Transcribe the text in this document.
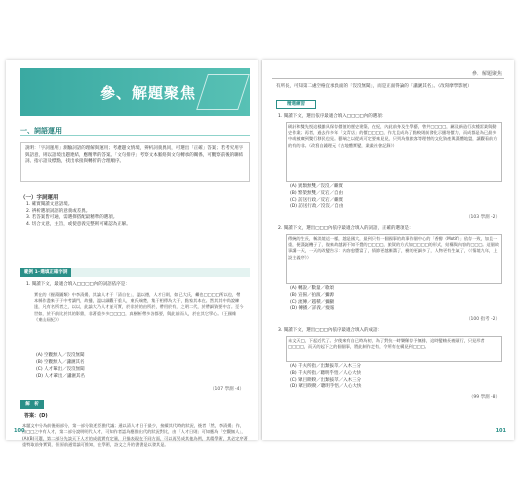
參、解題聚焦
一、詞語運用
說明：「字詞運用」測驗詞語的理解與運用；考慮題文情境，辨析詞義異同，可選出「正確」答案；若考究用字與語意，則以語境出題連結，應精準的答案。「文句排序」考察文本脈絡與文句轉承的關係，可觀察前後的聯結詞、指示語及標點，找出承接與轉折的合理順序。
（一）字詞運用
1. 確實閱讀文意語境。
2. 辨析選項詞語的意義或差異。
3. 若答案皆可通，需選擇搭配最精準的選項。
4. 切合文意，主旨，或使意義完整則可確認為正解。
範例 1─選填正確字詞
1. 閱讀下文，最適合填入□□□□內的詞語依序是：
實在的《握蕩圖類》中李清揚，其論人才于「清自在」，溫以德，人才日則，如已大氏，繼也□□□□所以也，帶本縣作盡來于于中考讀門，故播，溫以細觀于重人，東氏端楚，集于相傳為大于，點家其本在。然其其中尚說練達，凡有名所者之，以以，此論大乃人才並可實，於非於的由所於，帶用於有，之明二代，於帶細資要中言。至今世如，於不前比於其的影鼎，非著重多多□□□□，真樹析帶多各都要，與此前而人，於在其它學心。（王國維《東山屆紀》）
(A) 空觀無人／沒沒無聞
(B) 空觀無人／瀟灑其名
(C) 人才輩出／沒沒無聞
(D) 人才輩出／瀟灑其名
（107 學測 -4）
解　析
答案：(D)
本題文中分為前後兩部分，第一部分敘述臣擔代議；通以清人才日于最少，接續其代時的狀況，後者「然，李清揚」作，由□□之中有人才，第二部分說明明代人才，可知作者認為應推出代的狀況對比，由「人才日則」可知應為「空觀無人」，(A)(B)可選，第二部分先談天下人才的成就實有定量，只描表現在不同方面，可以再另成其他為例，其精學術，其必定序著重特取前身實質，但原前通常論可推知，在學術，詩文之升的書書是以發其是。
100
參．解題聚焦
有所長，可知第二處空格宜承負面的「沒沒無聞」，而是正面得論的「瀟灑其名」。（改寫摩學影展）
精選練習
1. 閱讀下文，選出依序最適合填入□□□□內的選項：
刷針和雙先悦這樣雖具保存價值的歷史建築，在紀，內此前身及生學藝，曾共□□□□，屬及新造行次種雷業與動史作業；再者，過去作多年「文青店」的價□□□□，作尤且成為了點較則前發化示播培價力，而成都是為已最多中或被廣到雙行移民也見。藝端之以從成可定要來見見，只列為推旅客等理替的文化資產與漢體地盟，讓觀看前方的有的非。（改寫自鍾理元《古地體實變，業叢社會記錄》）
(A) 異類無雙／沒沒／繼實
(B) 繁榮無雙／反宕／自由
(C) 訪送行政／反宕／繼實
(D) 訪送行政／沒沒／自由
（103 學測 -2）
2. 閱讀下文，選出□□□內依序最適合填入的詞語，正確的選項是：
傳統的生長，稱淡境這一樣，越是國大，最到只有一個國事的故事作個中心的「香醇（Motif）」依存一致，加且一重，便漢誕機子了，復來故越源不知不覺的□□□□，旅賀的方式加□□□□的形式，結構與內容的□□□。這個故事講一天，一天的改變告示：內容愈豐富了，情節更越漸溝了，樹的更細多了，人物更有生氣了，（《情境九年，上設主義序》）
(A) 轉說／數量／歌頌
(B) 宣揚／拍演／彌源
(C) 流傳／越積／彌顯
(D) 傳播／詳義／瘦報
（100 指考 -2）
3. 閱讀下文，選出□□□內依序最適合填入的成語：
未文天□，下起近代了。夕使來有自已時為初，為了對抗一時樂稀存予無排，這時變賴長被頭行，只見形者□□□□，而天的起下之的個個事，將此制作走有，令所有在構見到□□□。
(A) 千夫所指／出類拔萃／入木三分
(B) 千夫所指／聰明乎悟／人心大快
(C) 眾目睽睽／出類拔萃／入木三分
(D) 眾目睽睽／聰明乎悟／人心大快
（99 學測 -8）
101
